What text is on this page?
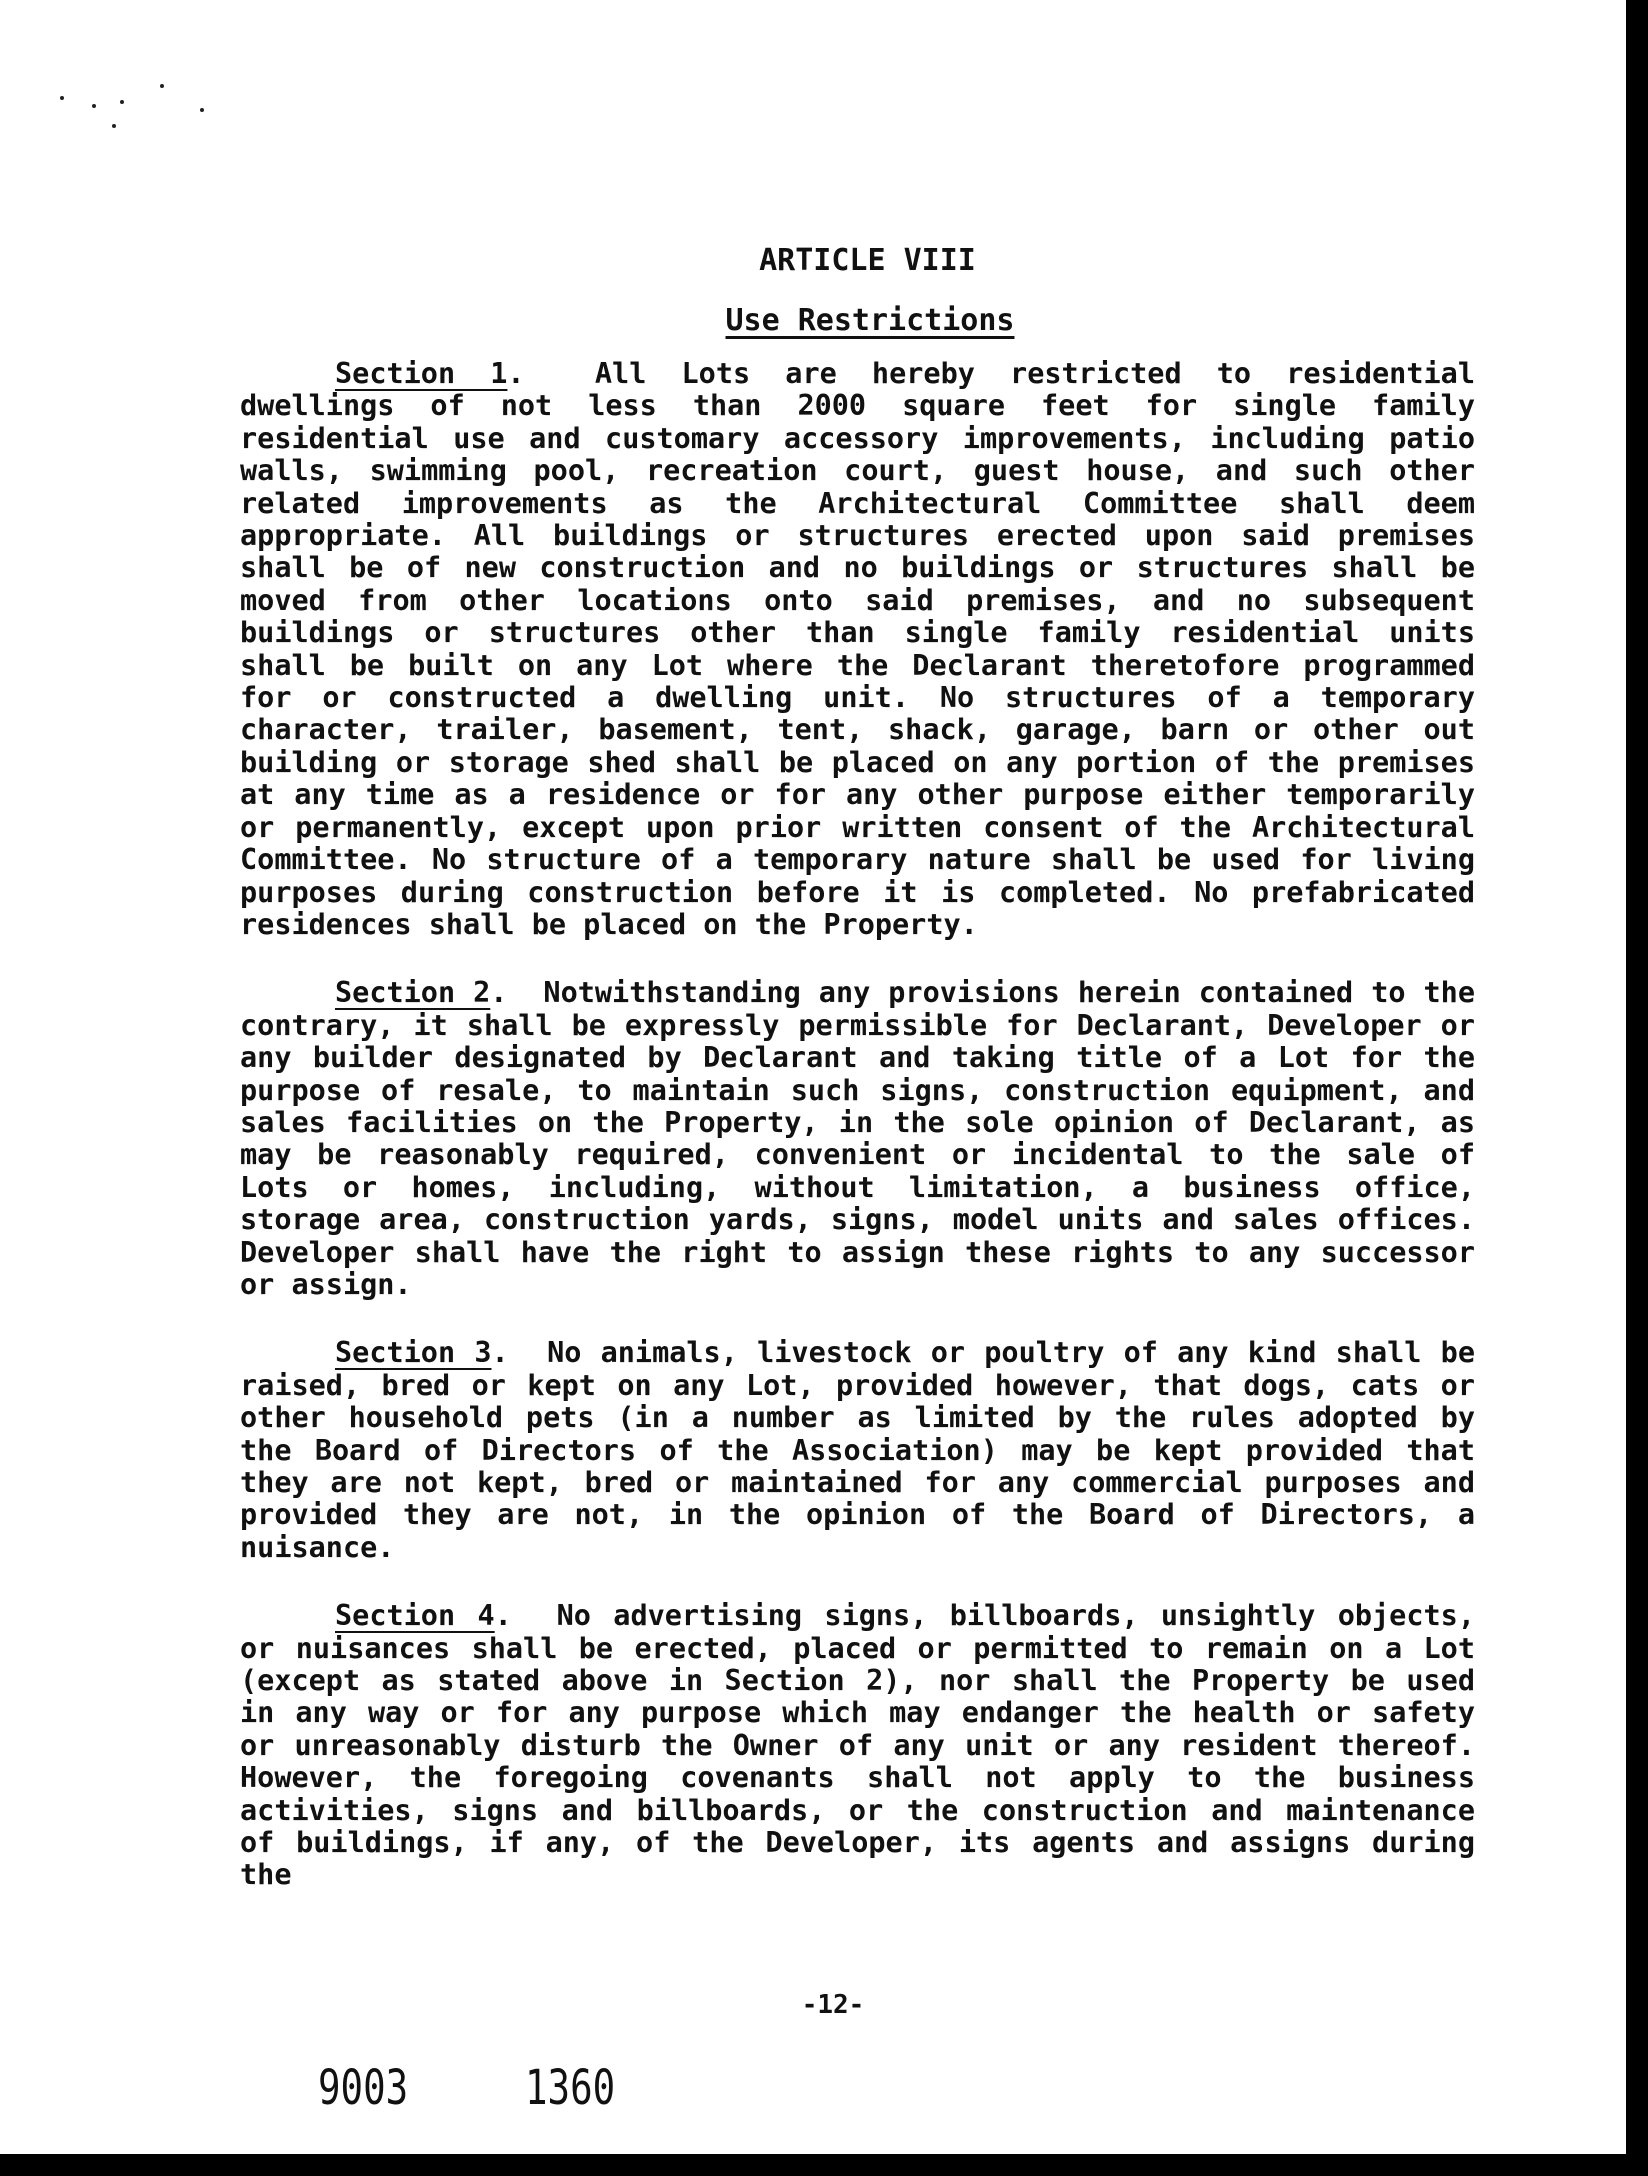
ARTICLE VIII

Use Restrictions

Section 1.  All Lots are hereby restricted to residential dwellings of not less than 2000 square feet for single family residential use and customary accessory improvements, including patio walls, swimming pool, recreation court, guest house, and such other related improvements as the Architectural Committee shall deem appropriate. All buildings or structures erected upon said premises shall be of new construction and no buildings or structures shall be moved from other locations onto said premises, and no subsequent buildings or structures other than single family residential units shall be built on any Lot where the Declarant theretofore programmed for or constructed a dwelling unit. No structures of a temporary character, trailer, basement, tent, shack, garage, barn or other out building or storage shed shall be placed on any portion of the premises at any time as a residence or for any other purpose either temporarily or permanently, except upon prior written consent of the Architectural Committee. No structure of a temporary nature shall be used for living purposes during construction before it is completed. No prefabricated residences shall be placed on the Property.

Section 2.  Notwithstanding any provisions herein contained to the contrary, it shall be expressly permissible for Declarant, Developer or any builder designated by Declarant and taking title of a Lot for the purpose of resale, to maintain such signs, construction equipment, and sales facilities on the Property, in the sole opinion of Declarant, as may be reasonably required, convenient or incidental to the sale of Lots or homes, including, without limitation, a business office, storage area, construction yards, signs, model units and sales offices. Developer shall have the right to assign these rights to any successor or assign.

Section 3.  No animals, livestock or poultry of any kind shall be raised, bred or kept on any Lot, provided however, that dogs, cats or other household pets (in a number as limited by the rules adopted by the Board of Directors of the Association) may be kept provided that they are not kept, bred or maintained for any commercial purposes and provided they are not, in the opinion of the Board of Directors, a nuisance.

Section 4.  No advertising signs, billboards, unsightly objects, or nuisances shall be erected, placed or permitted to remain on a Lot (except as stated above in Section 2), nor shall the Property be used in any way or for any purpose which may endanger the health or safety or unreasonably disturb the Owner of any unit or any resident thereof. However, the foregoing covenants shall not apply to the business activities, signs and billboards, or the construction and maintenance of buildings, if any, of the Developer, its agents and assigns during the

-12-
9003 1360
